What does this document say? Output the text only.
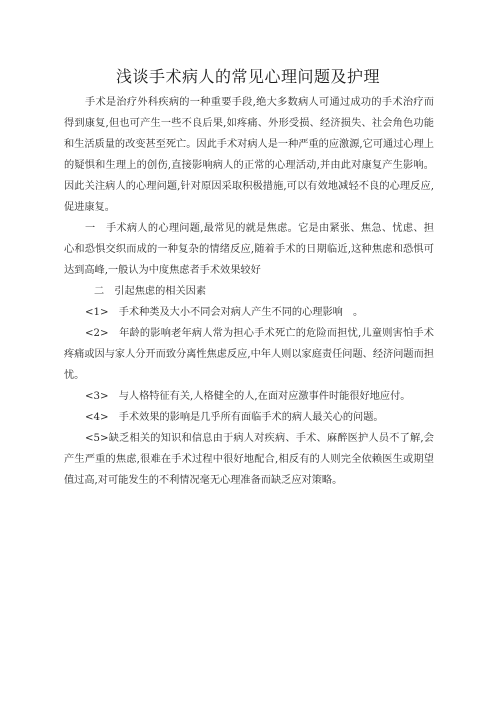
浅谈手术病人的常见心理问题及护理

手术是治疗外科疾病的一种重要手段,绝大多数病人可通过成功的手术治疗而得到康复,但也可产生一些不良后果,如疼痛、外形受损、经济损失、社会角色功能和生活质量的改变甚至死亡。因此手术对病人是一种严重的应激源,它可通过心理上的疑惧和生理上的创伤,直接影响病人的正常的心理活动,并由此对康复产生影响。因此关注病人的心理问题,针对原因采取积极措施,可以有效地减轻不良的心理反应,促进康复。

一　手术病人的心理问题,最常见的就是焦虑。它是由紧张、焦急、忧虑、担心和恐惧交织而成的一种复杂的情绪反应,随着手术的日期临近,这种焦虑和恐惧可达到高峰,一般认为中度焦虑者手术效果较好

二　引起焦虑的相关因素

<1>　手术种类及大小不同会对病人产生不同的心理影响　。

<2>　年龄的影响老年病人常为担心手术死亡的危险而担忧,儿童则害怕手术疼痛或因与家人分开而致分离性焦虑反应,中年人则以家庭责任问题、经济问题而担忧。

<3>　与人格特征有关,人格健全的人,在面对应激事件时能很好地应付。

<4>　手术效果的影响是几乎所有面临手术的病人最关心的问题。

<5>缺乏相关的知识和信息由于病人对疾病、手术、麻醉医护人员不了解,会产生严重的焦虑,很难在手术过程中很好地配合,相反有的人则完全依赖医生或期望值过高,对可能发生的不利情况毫无心理准备而缺乏应对策略。
